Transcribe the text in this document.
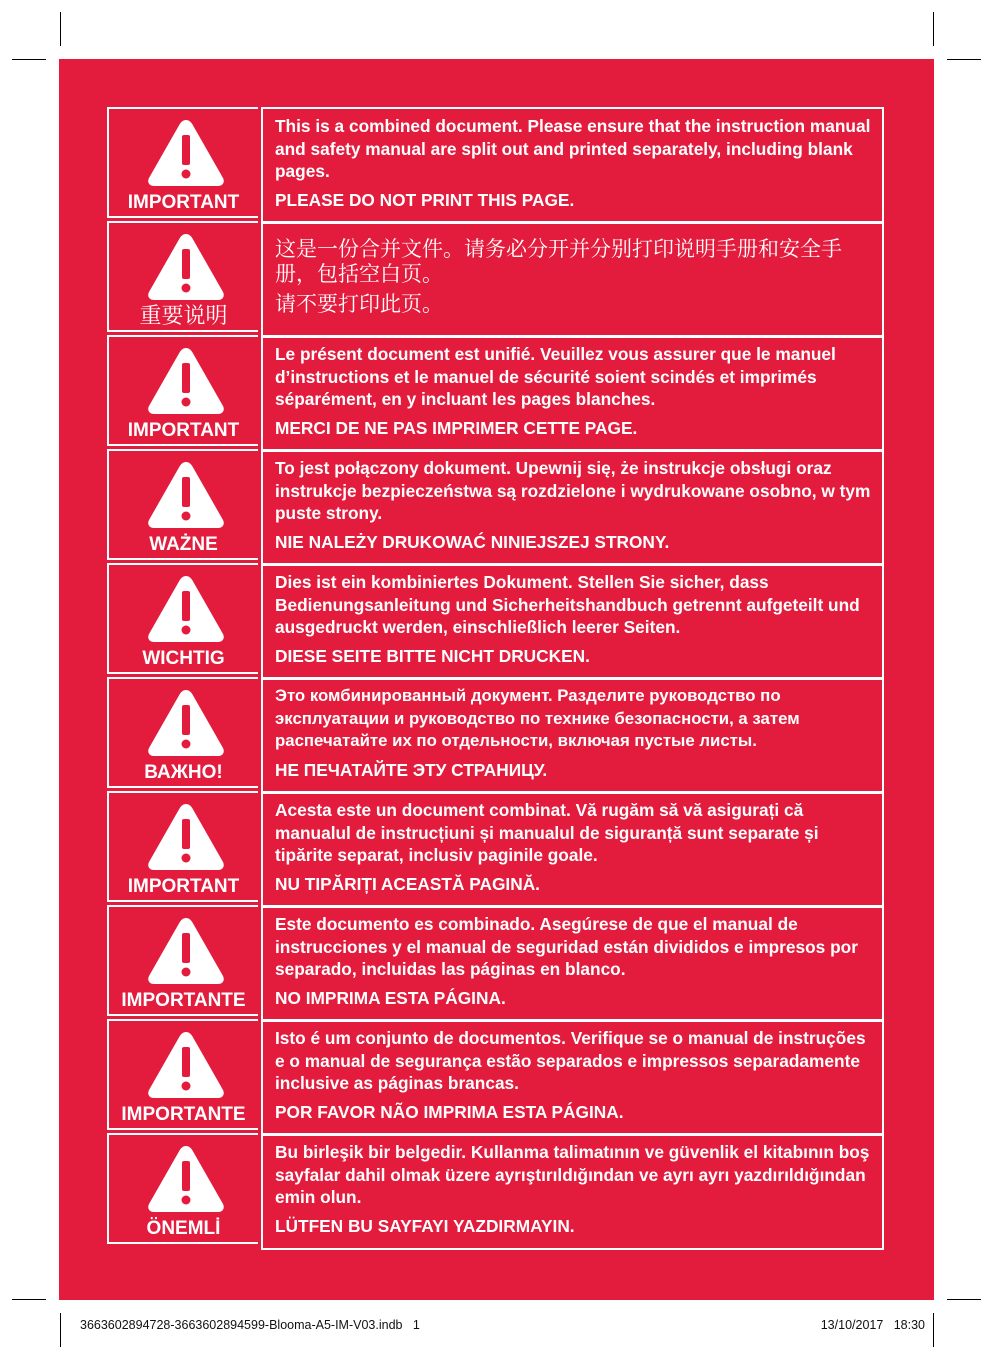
IMPORTANT

This is a combined document. Please ensure that the instruction manual and safety manual are split out and printed separately, including blank pages.

PLEASE DO NOT PRINT THIS PAGE.

重要说明

这是一份合并文件。请务必分开并分别打印说明手册和安全手册，包括空白页。

请不要打印此页。

IMPORTANT

Le présent document est unifié. Veuillez vous assurer que le manuel d’instructions et le manuel de sécurité soient scindés et imprimés séparément, en y incluant les pages blanches.

MERCI DE NE PAS IMPRIMER CETTE PAGE.

WAŻNE

To jest połączony dokument. Upewnij się, że instrukcje obsługi oraz instrukcje bezpieczeństwa są rozdzielone i wydrukowane osobno, w tym puste strony.

NIE NALEŻY DRUKOWAĆ NINIEJSZEJ STRONY.

WICHTIG

Dies ist ein kombiniertes Dokument. Stellen Sie sicher, dass Bedienungsanleitung und Sicherheitshandbuch getrennt aufgeteilt und ausgedruckt werden, einschließlich leerer Seiten.

DIESE SEITE BITTE NICHT DRUCKEN.

ВАЖНО!

Это комбинированный документ. Разделите руководство по эксплуатации и руководство по технике безопасности, а затем распечатайте их по отдельности, включая пустые листы.

НЕ ПЕЧАТАЙТЕ ЭТУ СТРАНИЦУ.

IMPORTANT

Acesta este un document combinat. Vă rugăm să vă asigurați că manualul de instrucțiuni și manualul de siguranță sunt separate și tipărite separat, inclusiv paginile goale.

NU TIPĂRIȚI ACEASTĂ PAGINĂ.

IMPORTANTE

Este documento es combinado. Asegúrese de que el manual de instrucciones y el manual de seguridad están divididos e impresos por separado, incluidas las páginas en blanco.

NO IMPRIMA ESTA PÁGINA.

IMPORTANTE

Isto é um conjunto de documentos. Verifique se o manual de instruções e o manual de segurança estão separados e impressos separadamente inclusive as páginas brancas.

POR FAVOR NÃO IMPRIMA ESTA PÁGINA.

ÖNEMLİ

Bu birleşik bir belgedir. Kullanma talimatının ve güvenlik el kitabının boş sayfalar dahil olmak üzere ayrıştırıldığından ve ayrı ayrı yazdırıldığından emin olun.

LÜTFEN BU SAYFAYI YAZDIRMAYIN.

3663602894728-3663602894599-Blooma-A5-IM-V03.indb   1	13/10/2017   18:30
